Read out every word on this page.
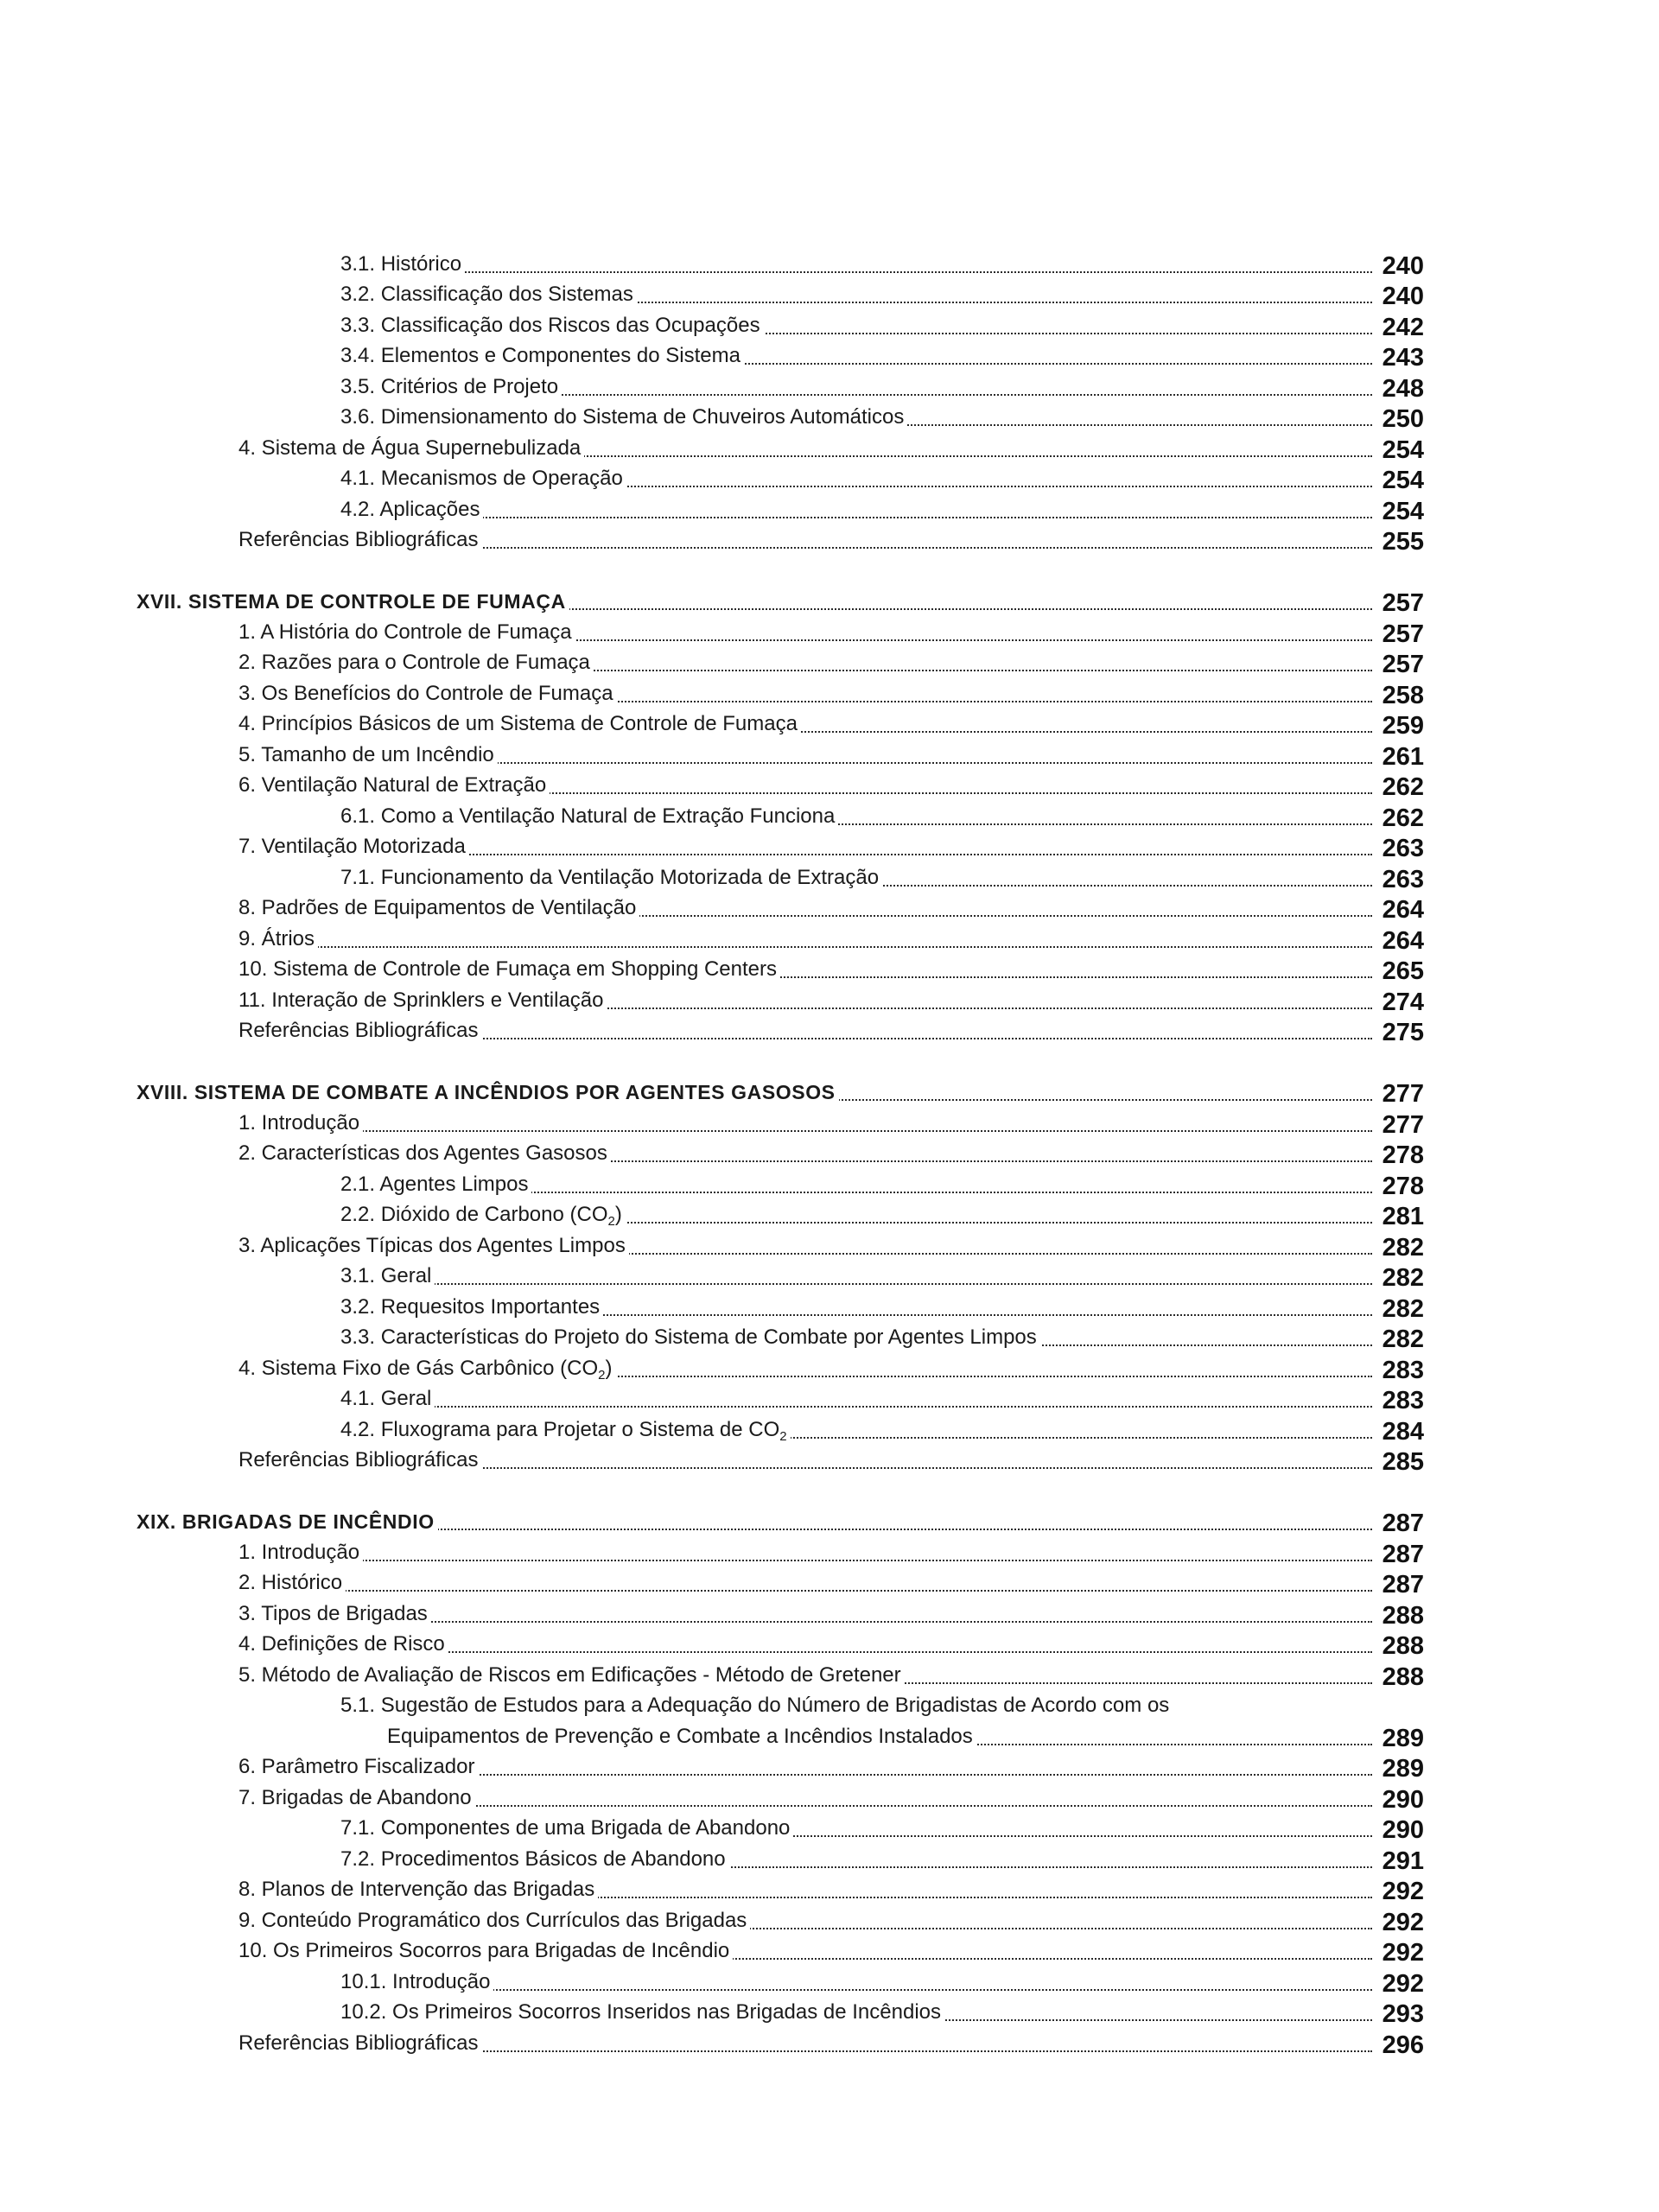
3.1. Histórico	240
3.2. Classificação dos Sistemas	240
3.3. Classificação dos Riscos das Ocupações	242
3.4. Elementos e Componentes do Sistema	243
3.5. Critérios de Projeto	248
3.6. Dimensionamento do Sistema de Chuveiros Automáticos	250
4. Sistema de Água Supernebulizada	254
4.1. Mecanismos de Operação	254
4.2. Aplicações	254
Referências Bibliográficas	255
XVII. SISTEMA DE CONTROLE DE FUMAÇA	257
1. A História do Controle de Fumaça	257
2. Razões para o Controle de Fumaça	257
3. Os Benefícios do Controle de Fumaça	258
4. Princípios Básicos de um Sistema de Controle de Fumaça	259
5. Tamanho de um Incêndio	261
6. Ventilação Natural de Extração	262
6.1. Como a Ventilação Natural de Extração Funciona	262
7. Ventilação Motorizada	263
7.1. Funcionamento da Ventilação Motorizada de Extração	263
8. Padrões de Equipamentos de Ventilação	264
9. Átrios	264
10. Sistema de Controle de Fumaça em Shopping Centers	265
11. Interação de Sprinklers e Ventilação	274
Referências Bibliográficas	275
XVIII. SISTEMA DE COMBATE A INCÊNDIOS POR AGENTES GASOSOS	277
1. Introdução	277
2. Características dos Agentes Gasosos	278
2.1. Agentes Limpos	278
2.2. Dióxido de Carbono $(CO_2)$	281
3. Aplicações Típicas dos Agentes Limpos	282
3.1. Geral	282
3.2. Requesitos Importantes	282
3.3. Características do Projeto do Sistema de Combate por Agentes Limpos	282
4. Sistema Fixo de Gás Carbônico $(CO_2)$	283
4.1. Geral	283
4.2. Fluxograma para Projetar o Sistema de $CO_2$	284
Referências Bibliográficas	285
XIX. BRIGADAS DE INCÊNDIO	287
1. Introdução	287
2. Histórico	287
3. Tipos de Brigadas	288
4. Definições de Risco	288
5. Método de Avaliação de Riscos em Edificações - Método de Gretener	288
5.1. Sugestão de Estudos para a Adequação do Número de Brigadistas de Acordo com os
Equipamentos de Prevenção e Combate a Incêndios Instalados	289
6. Parâmetro Fiscalizador	289
7. Brigadas de Abandono	290
7.1. Componentes de uma Brigada de Abandono	290
7.2. Procedimentos Básicos de Abandono	291
8. Planos de Intervenção das Brigadas	292
9. Conteúdo Programático dos Currículos das Brigadas	292
10. Os Primeiros Socorros para Brigadas de Incêndio	292
10.1. Introdução	292
10.2. Os Primeiros Socorros Inseridos nas Brigadas de Incêndios	293
Referências Bibliográficas	296
